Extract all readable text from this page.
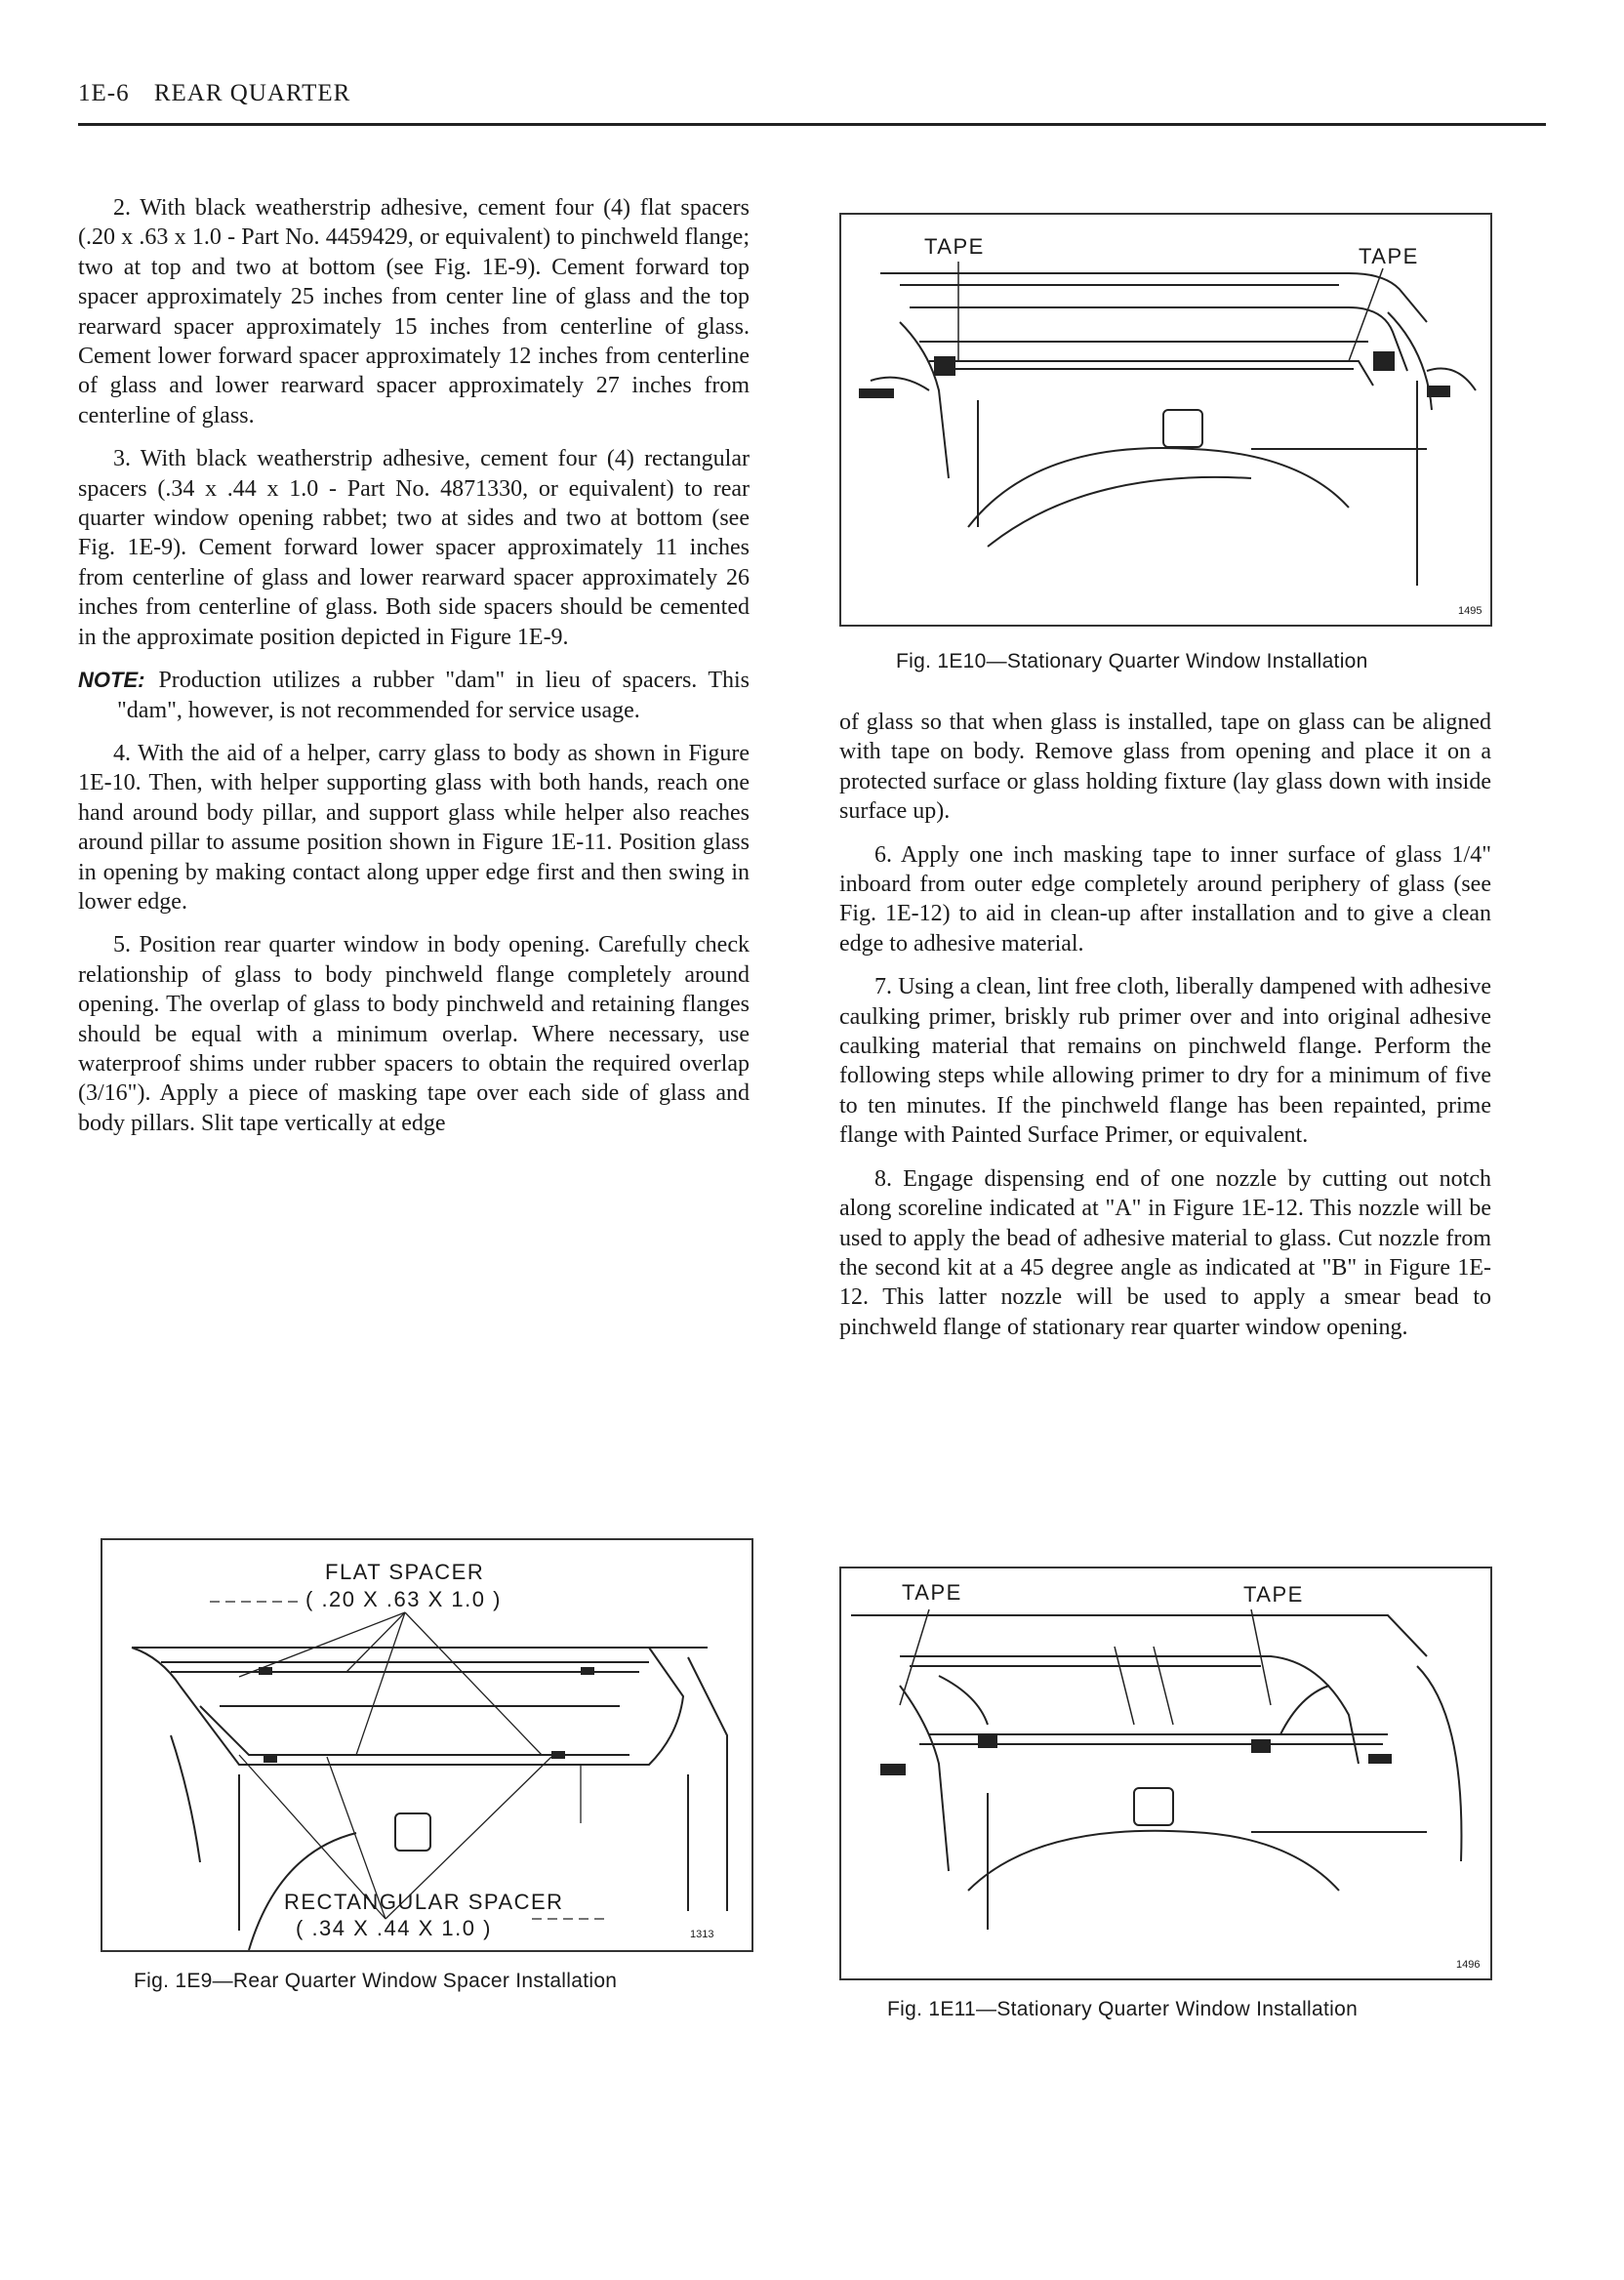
1E-6 REAR QUARTER

2. With black weatherstrip adhesive, cement four (4) flat spacers (.20 x .63 x 1.0 - Part No. 4459429, or equivalent) to pinchweld flange; two at top and two at bottom (see Fig. 1E-9). Cement forward top spacer approximately 25 inches from center line of glass and the top rearward spacer approximately 15 inches from centerline of glass. Cement lower forward spacer approximately 12 inches from centerline of glass and lower rearward spacer approximately 27 inches from centerline of glass.

3. With black weatherstrip adhesive, cement four (4) rectangular spacers (.34 x .44 x 1.0 - Part No. 4871330, or equivalent) to rear quarter window opening rabbet; two at sides and two at bottom (see Fig. 1E-9). Cement forward lower spacer approximately 11 inches from centerline of glass and lower rearward spacer approximately 26 inches from centerline of glass. Both side spacers should be cemented in the approximate position depicted in Figure 1E-9.

NOTE: Production utilizes a rubber "dam" in lieu of spacers. This "dam", however, is not recommended for service usage.

4. With the aid of a helper, carry glass to body as shown in Figure 1E-10. Then, with helper supporting glass with both hands, reach one hand around body pillar, and support glass while helper also reaches around pillar to assume position shown in Figure 1E-11. Position glass in opening by making contact along upper edge first and then swing in lower edge.

5. Position rear quarter window in body opening. Carefully check relationship of glass to body pinchweld flange completely around opening. The overlap of glass to body pinchweld and retaining flanges should be equal with a minimum overlap. Where necessary, use waterproof shims under rubber spacers to obtain the required overlap (3/16"). Apply a piece of masking tape over each side of glass and body pillars. Slit tape vertically at edge

of glass so that when glass is installed, tape on glass can be aligned with tape on body. Remove glass from opening and place it on a protected surface or glass holding fixture (lay glass down with inside surface up).

6. Apply one inch masking tape to inner surface of glass 1/4" inboard from outer edge completely around periphery of glass (see Fig. 1E-12) to aid in clean-up after installation and to give a clean edge to adhesive material.

7. Using a clean, lint free cloth, liberally dampened with adhesive caulking primer, briskly rub primer over and into original adhesive caulking material that remains on pinchweld flange. Perform the following steps while allowing primer to dry for a minimum of five to ten minutes. If the pinchweld flange has been repainted, prime flange with Painted Surface Primer, or equivalent.

8. Engage dispensing end of one nozzle by cutting out notch along scoreline indicated at "A" in Figure 1E-12. This nozzle will be used to apply the bead of adhesive material to glass. Cut nozzle from the second kit at a 45 degree angle as indicated at "B" in Figure 1E-12. This latter nozzle will be used to apply a smear bead to pinchweld flange of stationary rear quarter window opening.

TAPE	TAPE
1495
Fig. 1E10—Stationary Quarter Window Installation
FLAT SPACER
( .20 X .63 X 1.0 )
RECTANGULAR SPACER
( .34 X .44 X 1.0 )	1313
Fig. 1E9—Rear Quarter Window Spacer Installation
TAPE	TAPE
1496
Fig. 1E11—Stationary Quarter Window Installation
